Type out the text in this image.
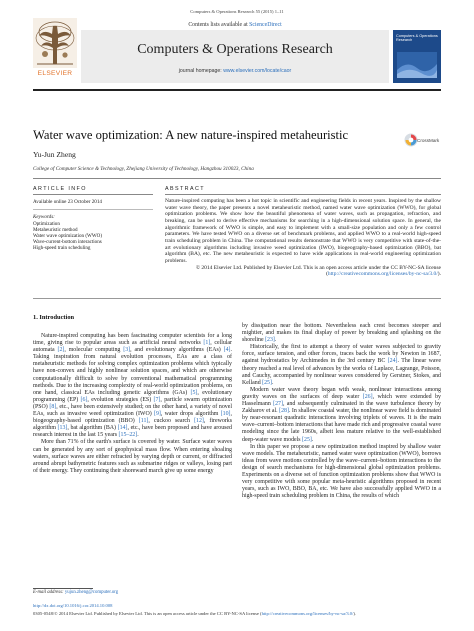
Computers & Operations Research 55 (2015) 1–11
ELSEVIER
Contents lists available at ScienceDirect
Computers & Operations Research
journal homepage: www.elsevier.com/locate/caor
Computers & Operations Research
Water wave optimization: A new nature-inspired metaheuristic	CrossMark
Yu-Jun Zheng
College of Computer Science & Technology, Zhejiang University of Technology, Hangzhou 310023, China
ARTICLE INFO	ABSTRACT
Available online 23 October 2014
Keywords:
Optimization
Metaheuristic method
Water wave optimization (WWO)
Wave-current-bottom interactions
High-speed train scheduling
Nature-inspired computing has been a hot topic in scientific and engineering fields in recent years. Inspired by the shallow water wave theory, the paper presents a novel metaheuristic method, named water wave optimization (WWO), for global optimization problems. We show how the beautiful phenomena of water waves, such as propagation, refraction, and breaking, can be used to derive effective mechanisms for searching in a high-dimensional solution space. In general, the algorithmic framework of WWO is simple, and easy to implement with a small-size population and only a few control parameters. We have tested WWO on a diverse set of benchmark problems, and applied WWO to a real-world high-speed train scheduling problem in China. The computational results demonstrate that WWO is very competitive with state-of-the-art evolutionary algorithms including invasive weed optimization (IWO), biogeography-based optimization (BBO), bat algorithm (BA), etc. The new metaheuristic is expected to have wide applications in real-world engineering optimization problems.
© 2014 Elsevier Ltd. Published by Elsevier Ltd. This is an open access article under the CC BY-NC-SA license (http://creativecommons.org/licenses/by-nc-sa/3.0/).
1. Introduction

Nature-inspired computing has been fascinating computer scientists for a long time, giving rise to popular areas such as artificial neural networks [1], cellular automata [2], molecular computing [3], and evolutionary algorithms (EAs) [4]. Taking inspiration from natural evolution processes, EAs are a class of metaheuristic methods for solving complex optimization problems which typically have non-convex and highly nonlinear solution spaces, and which are otherwise computationally difficult to solve by conventional mathematical programming methods. Due to the increasing complexity of real-world optimization problems, on one hand, classical EAs including genetic algorithms (GAs) [5], evolutionary programming (EP) [6], evolution strategies (ES) [7], particle swarm optimization (PSO) [8], etc., have been extensively studied; on the other hand, a variety of novel EAs, such as invasive weed optimization (IWO) [9], water drops algorithm [10], biogeography-based optimization (BBO) [11], cuckoo search [12], fireworks algorithm [13], bat algorithm (BA) [14], etc., have been proposed and have aroused research interest in the last 15 years [15–22].

More than 71% of the earth's surface is covered by water. Surface water waves can be generated by any sort of geophysical mass flow. When entering shoaling waters, surface waves are either refracted by varying depth or current, or diffracted around abrupt bathymetric features such as submarine ridges or valleys, losing part of their energy. They continuing their shoreward march give up some energy

by dissipation near the bottom. Nevertheless each crest becomes steeper and mightier, and makes its final display of power by breaking and splashing on the shoreline [23].

Historically, the first to attempt a theory of water waves subjected to gravity force, surface tension, and other forces, traces back the work by Newton in 1687, against hydrostatics by Archimedes in the 3rd century BC [24]. The linear wave theory reached a real level of advances by the works of Laplace, Lagrange, Poisson, and Cauchy, accompanied by nonlinear waves considered by Gerstner, Stokes, and Kelland [25].

Modern water wave theory began with weak, nonlinear interactions among gravity waves on the surfaces of deep water [26], which were extended by Hasselmann [27], and subsequently culminated in the wave turbulence theory by Zakharov et al. [28]. In shallow coastal water, the nonlinear wave field is dominated by near-resonant quadratic interactions involving triplets of waves. It is the main wave–current–bottom interactions that have made rich and progressive coastal wave modeling since the late 1960s, albeit less mature relative to the well-established deep-water wave models [25].

In this paper we propose a new optimization method inspired by shallow water wave models. The metaheuristic, named water wave optimization (WWO), borrows ideas from wave motions controlled by the wave–current–bottom interactions to the design of search mechanisms for high-dimensional global optimization problems. Experiments on a diverse set of function optimization problems show that WWO is very competitive with some popular meta-heuristic algorithms proposed in recent years, such as IWO, BBO, BA, etc. We have also successfully applied WWO in a high-speed train scheduling problem in China, the results of which

E-mail address: yujun.zheng@computer.org
http://dx.doi.org/10.1016/j.cor.2014.10.008
0305-0548/© 2014 Elsevier Ltd. Published by Elsevier Ltd. This is an open access article under the CC BY-NC-SA license (http://creativecommons.org/licenses/by-nc-sa/3.0/).
